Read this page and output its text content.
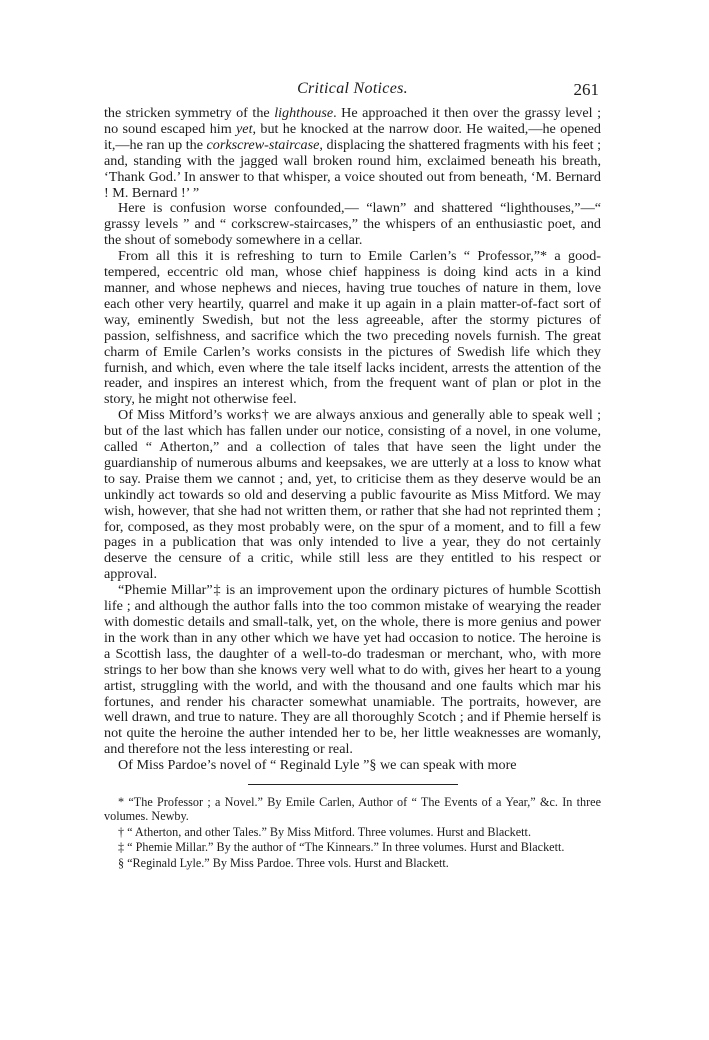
Critical Notices.	261

the stricken symmetry of the lighthouse. He approached it then over the grassy level ; no sound escaped him yet, but he knocked at the narrow door. He waited,—he opened it,—he ran up the corkscrew-staircase, displacing the shattered fragments with his feet ; and, standing with the jagged wall broken round him, exclaimed beneath his breath, ‘Thank God.’ In answer to that whisper, a voice shouted out from beneath, ‘M. Bernard ! M. Bernard !’ ”

Here is confusion worse confounded,— “lawn” and shattered “lighthouses,”—“ grassy levels ” and “ corkscrew-staircases,” the whispers of an enthusiastic poet, and the shout of somebody somewhere in a cellar.

From all this it is refreshing to turn to Emile Carlen’s “ Professor,”* a good-tempered, eccentric old man, whose chief happiness is doing kind acts in a kind manner, and whose nephews and nieces, having true touches of nature in them, love each other very heartily, quarrel and make it up again in a plain matter-of-fact sort of way, eminently Swedish, but not the less agreeable, after the stormy pictures of passion, selfishness, and sacrifice which the two preceding novels furnish. The great charm of Emile Carlen’s works consists in the pictures of Swedish life which they furnish, and which, even where the tale itself lacks incident, arrests the attention of the reader, and inspires an interest which, from the frequent want of plan or plot in the story, he might not otherwise feel.

Of Miss Mitford’s works† we are always anxious and generally able to speak well ; but of the last which has fallen under our notice, consisting of a novel, in one volume, called “ Atherton,” and a collection of tales that have seen the light under the guardianship of numerous albums and keepsakes, we are utterly at a loss to know what to say. Praise them we cannot ; and, yet, to criticise them as they deserve would be an unkindly act towards so old and deserving a public favourite as Miss Mitford. We may wish, however, that she had not written them, or rather that she had not reprinted them ; for, composed, as they most probably were, on the spur of a moment, and to fill a few pages in a publication that was only intended to live a year, they do not certainly deserve the censure of a critic, while still less are they entitled to his respect or approval.

“Phemie Millar”‡ is an improvement upon the ordinary pictures of humble Scottish life ; and although the author falls into the too common mistake of wearying the reader with domestic details and small-talk, yet, on the whole, there is more genius and power in the work than in any other which we have yet had occasion to notice. The heroine is a Scottish lass, the daughter of a well-to-do tradesman or merchant, who, with more strings to her bow than she knows very well what to do with, gives her heart to a young artist, struggling with the world, and with the thousand and one faults which mar his fortunes, and render his character somewhat unamiable. The portraits, however, are well drawn, and true to nature. They are all thoroughly Scotch ; and if Phemie herself is not quite the heroine the auther intended her to be, her little weaknesses are womanly, and therefore not the less interesting or real.

Of Miss Pardoe’s novel of “ Reginald Lyle ”§ we can speak with more

* “The Professor ; a Novel.” By Emile Carlen, Author of “ The Events of a Year,” &c. In three volumes. Newby.

† “ Atherton, and other Tales.” By Miss Mitford. Three volumes. Hurst and Blackett.

‡ “ Phemie Millar.” By the author of “The Kinnears.” In three volumes. Hurst and Blackett.

§ “Reginald Lyle.” By Miss Pardoe. Three vols. Hurst and Blackett.
